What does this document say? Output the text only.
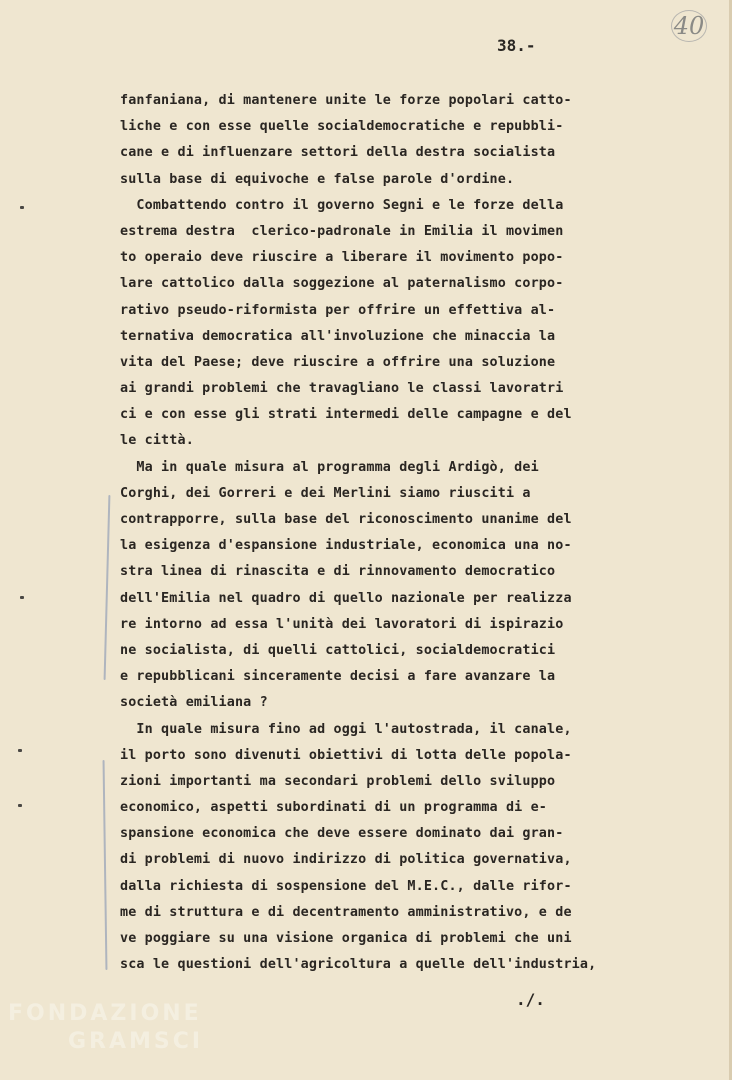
40
38.-
fanfaniana, di mantenere unite le forze popolari catto-
liche e con esse quelle socialdemocratiche e repubbli-
cane e di influenzare settori della destra socialista
sulla base di equivoche e false parole d'ordine.
Combattendo contro il governo Segni e le forze della
estrema destra  clerico-padronale in Emilia il movimen
to operaio deve riuscire a liberare il movimento popo-
lare cattolico dalla soggezione al paternalismo corpo-
rativo pseudo-riformista per offrire un effettiva al-
ternativa democratica all'involuzione che minaccia la
vita del Paese; deve riuscire a offrire una soluzione
ai grandi problemi che travagliano le classi lavoratri
ci e con esse gli strati intermedi delle campagne e del
le città.
Ma in quale misura al programma degli Ardigò, dei
Corghi, dei Gorreri e dei Merlini siamo riusciti a
contrapporre, sulla base del riconoscimento unanime del
la esigenza d'espansione industriale, economica una no-
stra linea di rinascita e di rinnovamento democratico
dell'Emilia nel quadro di quello nazionale per realizza
re intorno ad essa l'unità dei lavoratori di ispirazio
ne socialista, di quelli cattolici, socialdemocratici
e repubblicani sinceramente decisi a fare avanzare la
società emiliana ?
In quale misura fino ad oggi l'autostrada, il canale,
il porto sono divenuti obiettivi di lotta delle popola-
zioni importanti ma secondari problemi dello sviluppo
economico, aspetti subordinati di un programma di e-
spansione economica che deve essere dominato dai gran-
di problemi di nuovo indirizzo di politica governativa,
dalla richiesta di sospensione del M.E.C., dalle rifor-
me di struttura e di decentramento amministrativo, e de
ve poggiare su una visione organica di problemi che uni
sca le questioni dell'agricoltura a quelle dell'industria,
./.
FONDAZIONE
GRAMSCI
